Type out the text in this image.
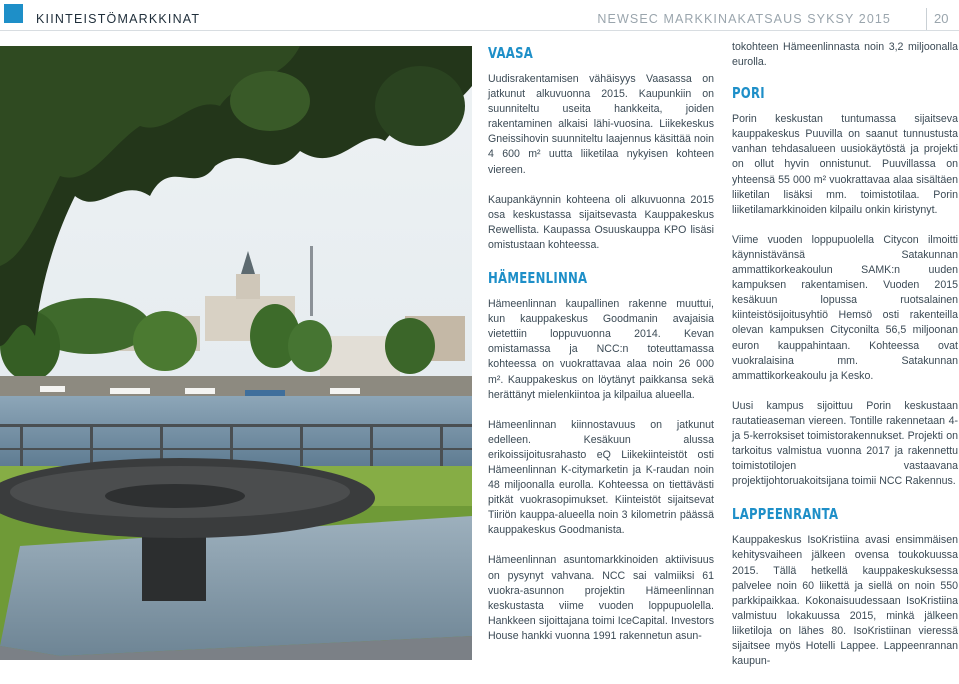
KIINTEISTÖMARKKINAT	NEWSEC MARKKINAKATSAUS SYKSY 2015	20
VAASA

Uudisrakentamisen vähäisyys Vaasassa on jatkunut alkuvuonna 2015. Kaupunkiin on suunniteltu useita hankkeita, joiden rakentaminen alkaisi lähi-vuosina. Liikekeskus Gneissihovin suunniteltu laajennus käsittää noin 4 600 m² uutta liiketilaa nykyisen kohteen viereen.

Kaupankäynnin kohteena oli alkuvuonna 2015 osa keskustassa sijaitsevasta Kauppakeskus Rewellista. Kaupassa Osuuskauppa KPO lisäsi omistustaan kohteessa.

HÄMEENLINNA

Hämeenlinnan kaupallinen rakenne muuttui, kun kauppakeskus Goodmanin avajaisia vietettiin loppuvuonna 2014. Kevan omistamassa ja NCC:n toteuttamassa kohteessa on vuokrattavaa alaa noin 26 000 m². Kauppakeskus on löytänyt paikkansa sekä herättänyt mielenkiintoa ja kilpailua alueella.

Hämeenlinnan kiinnostavuus on jatkunut edelleen. Kesäkuun alussa erikoissijoitusrahasto eQ Liikekiinteistöt osti Hämeenlinnan K-citymarketin ja K-raudan noin 48 miljoonalla eurolla. Kohteessa on tiettävästi pitkät vuokrasopimukset. Kiinteistöt sijaitsevat Tiiriön kauppa-alueella noin 3 kilometrin päässä kauppakeskus Goodmanista.

Hämeenlinnan asuntomarkkinoiden aktiivisuus on pysynyt vahvana. NCC sai valmiiksi 61 vuokra-asunnon projektin Hämeenlinnan keskustasta viime vuoden loppupuolella. Hankkeen sijoittajana toimi IceCapital. Investors House hankki vuonna 1991 rakennetun asun-

tokohteen Hämeenlinnasta noin 3,2 miljoonalla eurolla.

PORI

Porin keskustan tuntumassa sijaitseva kauppakeskus Puuvilla on saanut tunnustusta vanhan tehdasalueen uusiokäytöstä ja projekti on ollut hyvin onnistunut. Puuvillassa on yhteensä 55 000 m² vuokrattavaa alaa sisältäen liiketilan lisäksi mm. toimistotilaa. Porin liiketilamarkkinoiden kilpailu onkin kiristynyt.

Viime vuoden loppupuolella Citycon ilmoitti käynnistävänsä Satakunnan ammattikorkeakoulun SAMK:n uuden kampuksen rakentamisen. Vuoden 2015 kesäkuun lopussa ruotsalainen kiinteistösijoitusyhtiö Hemsö osti rakenteilla olevan kampuksen Cityconilta 56,5 miljoonan euron kauppahintaan. Kohteessa ovat vuokralaisina mm. Satakunnan ammattikorkeakoulu ja Kesko.

Uusi kampus sijoittuu Porin keskustaan rautatieaseman viereen. Tontille rakennetaan 4- ja 5-kerroksiset toimistorakennukset. Projekti on tarkoitus valmistua vuonna 2017 ja rakennettu toimistotilojen vastaavana projektijohtoruakoitsijana toimii NCC Rakennus.

LAPPEENRANTA

Kauppakeskus IsoKristiina avasi ensimmäisen kehitysvaiheen jälkeen ovensa toukokuussa 2015. Tällä hetkellä kauppakeskuksessa palvelee noin 60 liikettä ja siellä on noin 550 parkkipaikkaa. Kokonaisuudessaan IsoKristiina valmistuu lokakuussa 2015, minkä jälkeen liiketiloja on lähes 80. IsoKristiinan vieressä sijaitsee myös Hotelli Lappee. Lappeenrannan kaupun-
